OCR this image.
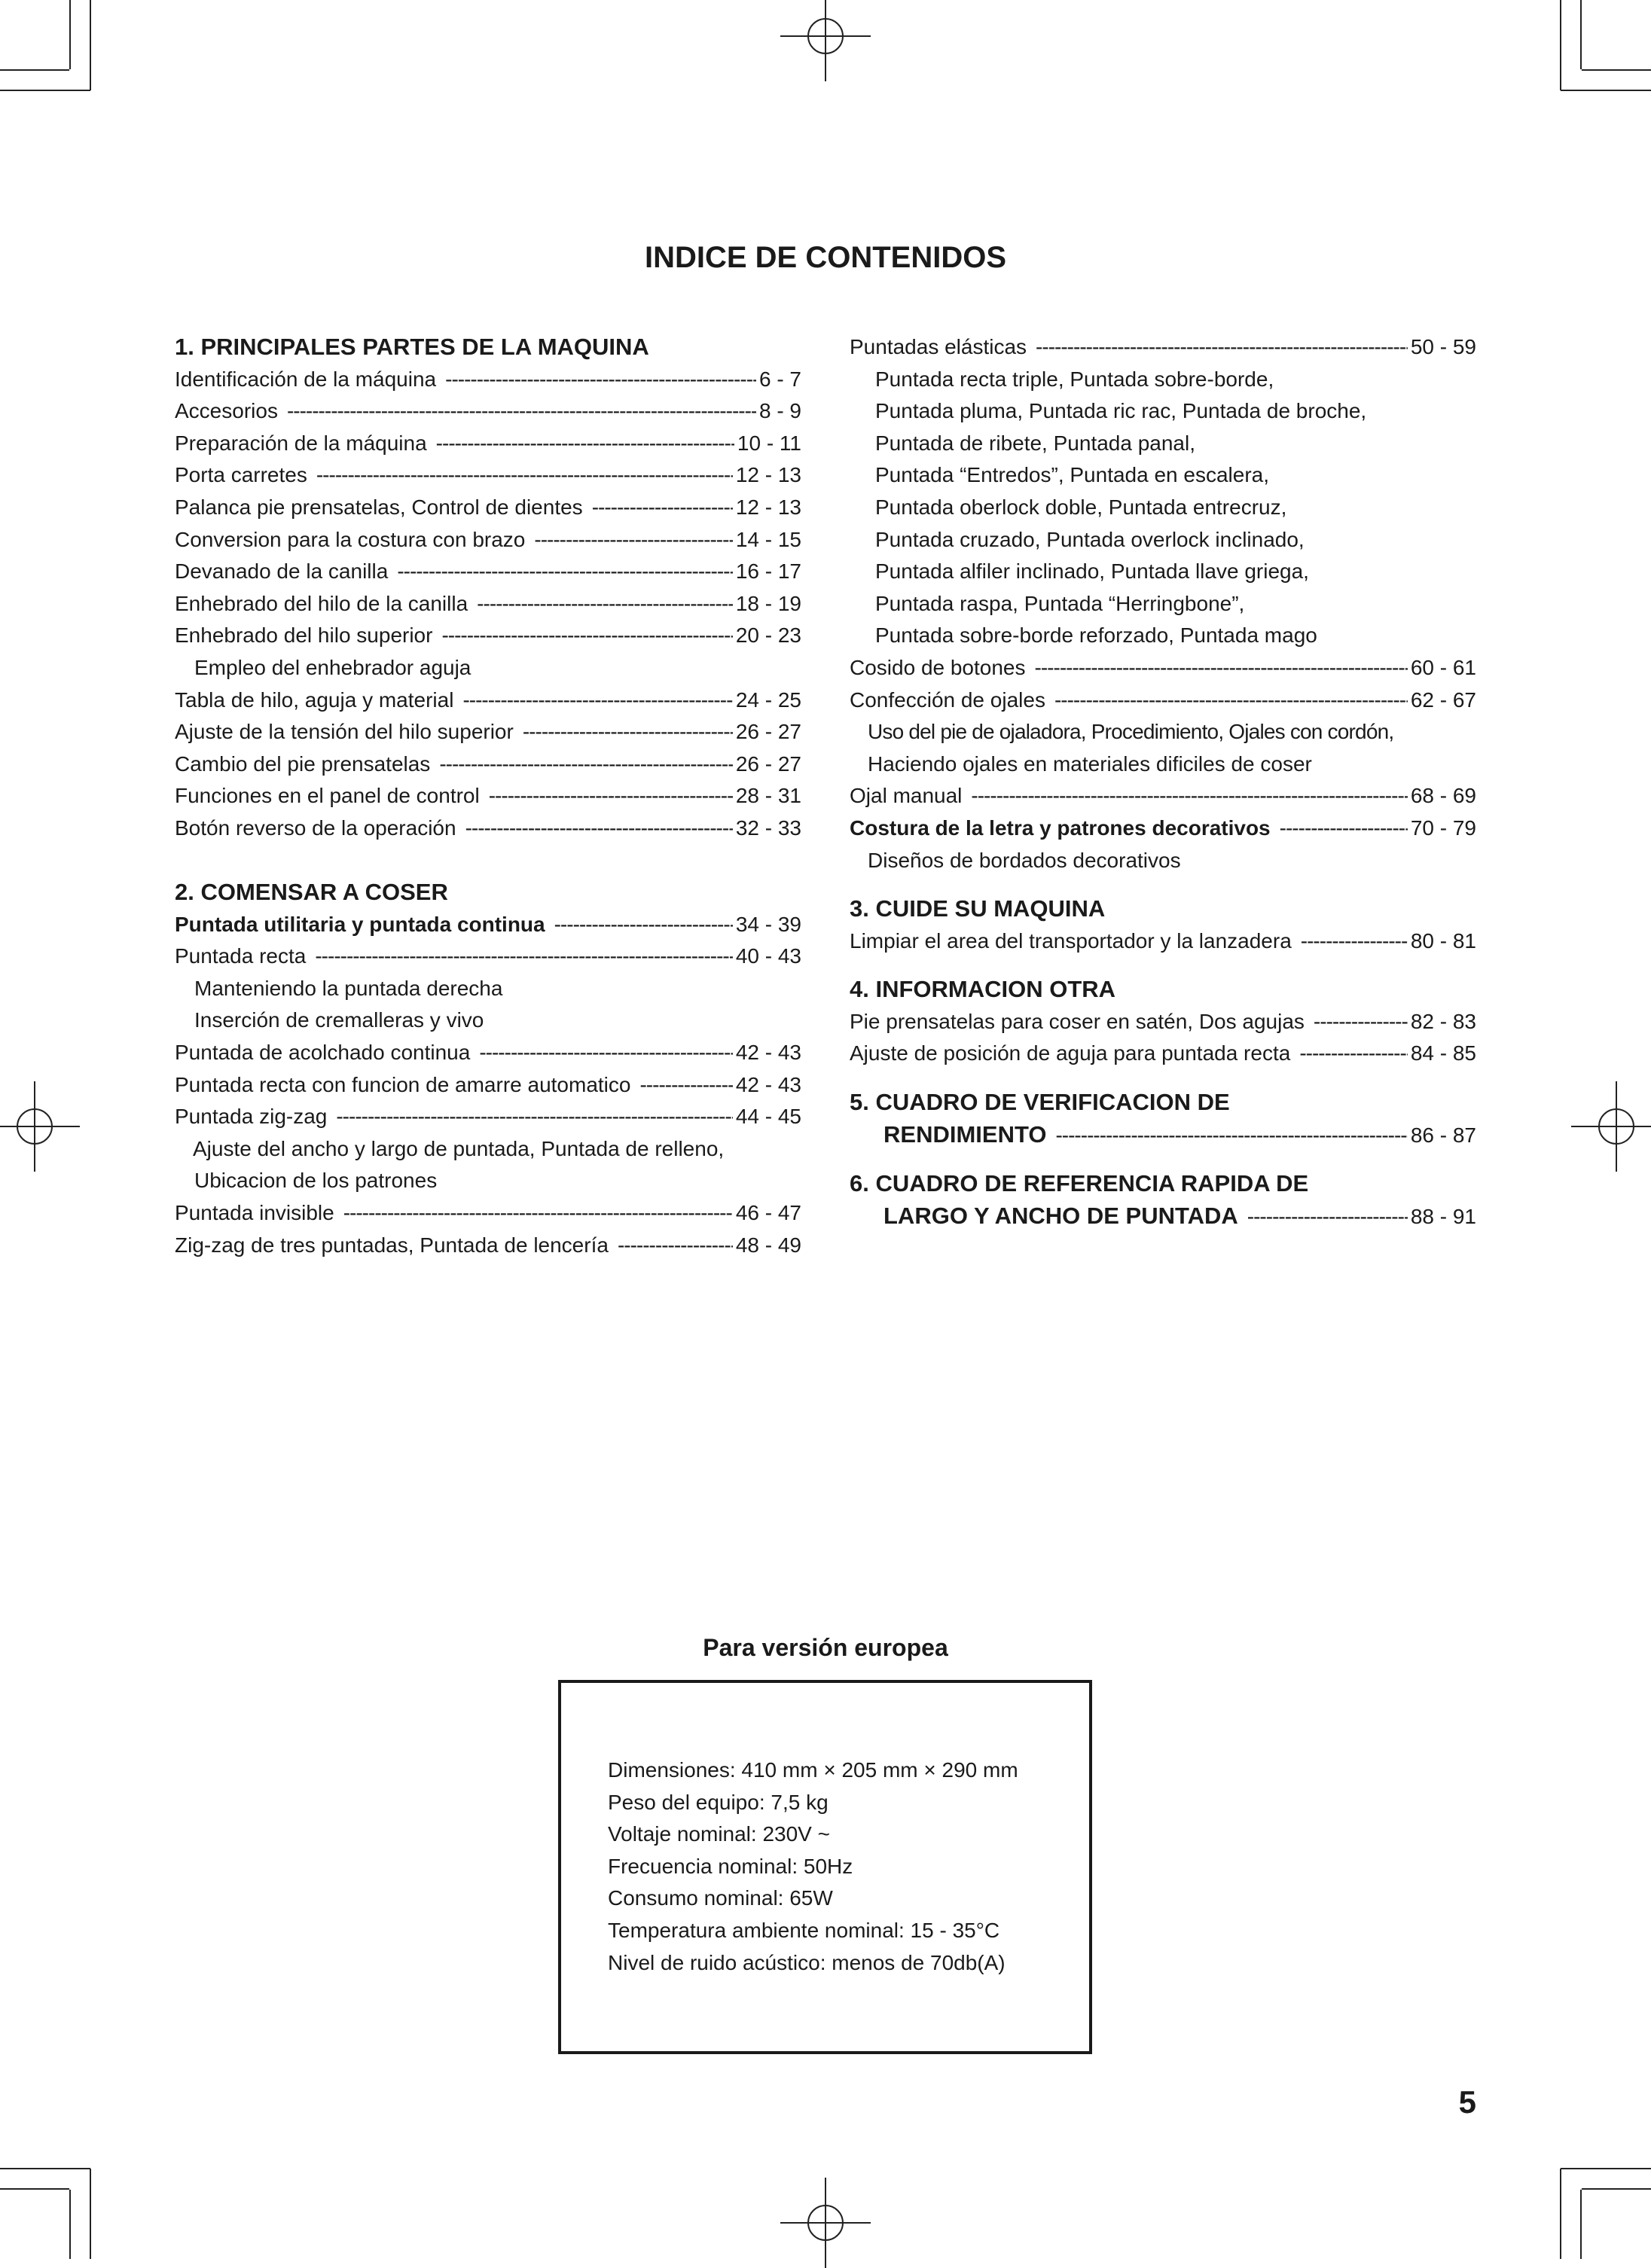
INDICE DE CONTENIDOS
1. PRINCIPALES PARTES DE LA MAQUINA
Identificación de la máquina -----	6 - 7
Accesorios -----	8 - 9
Preparación de la máquina -----	10 - 11
Porta carretes -----	12 - 13
Palanca pie prensatelas, Control de dientes -----	12 - 13
Conversion para la costura con brazo -----	14 - 15
Devanado de la canilla -----	16 - 17
Enhebrado del hilo de la canilla -----	18 - 19
Enhebrado del hilo superior -----	20 - 23
Empleo del enhebrador aguja
Tabla de hilo, aguja y material -----	24 - 25
Ajuste de la tensión del hilo superior -----	26 - 27
Cambio del pie prensatelas -----	26 - 27
Funciones en el panel de control -----	28 - 31
Botón reverso de la operación -----	32 - 33
2. COMENSAR A COSER
Puntada utilitaria y puntada continua -----	34 - 39
Puntada recta -----	40 - 43
Manteniendo la puntada derecha
Inserción de cremalleras y vivo
Puntada de acolchado continua -----	42 - 43
Puntada recta con funcion de amarre automatico -----	42 - 43
Puntada zig-zag -----	44 - 45
Ajuste del ancho y largo de puntada, Puntada de relleno,
Ubicacion de los patrones
Puntada invisible -----	46 - 47
Zig-zag de tres puntadas, Puntada de lencería -----	48 - 49
Puntadas elásticas -----	50 - 59
Puntada recta triple, Puntada sobre-borde,
Puntada pluma, Puntada ric rac, Puntada de broche,
Puntada de ribete, Puntada panal,
Puntada “Entredos”, Puntada en escalera,
Puntada oberlock doble, Puntada entrecruz,
Puntada cruzado, Puntada overlock inclinado,
Puntada alfiler inclinado, Puntada llave griega,
Puntada raspa, Puntada “Herringbone”,
Puntada sobre-borde reforzado, Puntada mago
Cosido de botones -----	60 - 61
Confección de ojales -----	62 - 67
Uso del pie de ojaladora, Procedimiento, Ojales con cordón,
Haciendo ojales en materiales dificiles de coser
Ojal manual -----	68 - 69
Costura de la letra y patrones decorativos -----	70 - 79
Diseños de bordados decorativos
3. CUIDE SU MAQUINA
Limpiar el area del transportador y la lanzadera -----	80 - 81
4. INFORMACION OTRA
Pie prensatelas para coser en satén, Dos agujas -----	82 - 83
Ajuste de posición de aguja para puntada recta -----	84 - 85
5. CUADRO DE VERIFICACION DE
RENDIMIENTO -----	86 - 87
6. CUADRO DE REFERENCIA RAPIDA DE
LARGO Y ANCHO DE PUNTADA -----	88 - 91
Para versión europea
Dimensiones: 410 mm × 205 mm × 290 mm
Peso del equipo: 7,5 kg
Voltaje nominal: 230V ~
Frecuencia nominal: 50Hz
Consumo nominal: 65W
Temperatura ambiente nominal: 15 - 35°C
Nivel de ruido acústico: menos de 70db(A)
5
